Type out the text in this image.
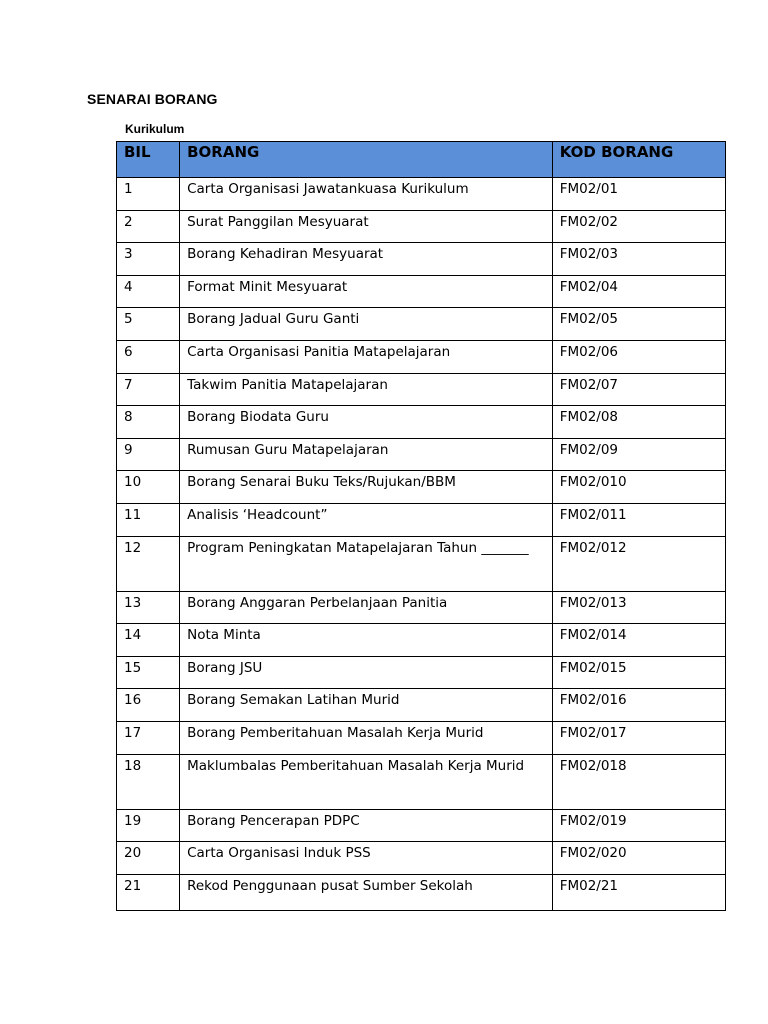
SENARAI BORANG
Kurikulum
BIL	BORANG	KOD BORANG
1	Carta Organisasi Jawatankuasa Kurikulum	FM02/01
2	Surat Panggilan Mesyuarat	FM02/02
3	Borang Kehadiran Mesyuarat	FM02/03
4	Format Minit Mesyuarat	FM02/04
5	Borang Jadual Guru Ganti	FM02/05
6	Carta Organisasi Panitia Matapelajaran	FM02/06
7	Takwim Panitia Matapelajaran	FM02/07
8	Borang Biodata Guru	FM02/08
9	Rumusan Guru Matapelajaran	FM02/09
10	Borang Senarai Buku Teks/Rujukan/BBM	FM02/010
11	Analisis ‘Headcount”	FM02/011
12	Program Peningkatan Matapelajaran Tahun _______	FM02/012
13	Borang Anggaran Perbelanjaan Panitia	FM02/013
14	Nota Minta	FM02/014
15	Borang JSU	FM02/015
16	Borang Semakan Latihan Murid	FM02/016
17	Borang Pemberitahuan Masalah Kerja Murid	FM02/017
18	Maklumbalas Pemberitahuan Masalah Kerja Murid	FM02/018
19	Borang Pencerapan PDPC	FM02/019
20	Carta Organisasi Induk PSS	FM02/020
21	Rekod Penggunaan pusat Sumber Sekolah	FM02/21
